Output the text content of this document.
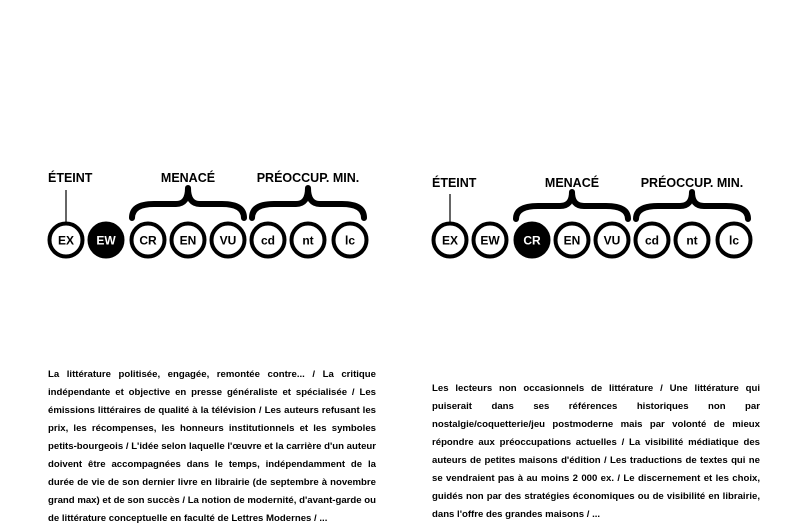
ÉTEINT	MENACÉ	PRÉOCCUP. MIN.
EX EW CR EN VU cd nt	lc
ÉTEINT	MENACÉ	PRÉOCCUP. MIN.
EX EW CR EN VU cd nt	lc
La littérature politisée, engagée, remontée contre... / La critique indépendante et objective en presse généraliste et spécialisée / Les émissions littéraires de qualité à la télévision / Les auteurs refusant les prix, les récompenses, les honneurs institutionnels et les symboles petits-bourgeois / L'idée selon laquelle l'œuvre et la carrière d'un auteur doivent être accompagnées dans le temps, indépendamment de la durée de vie de son dernier livre en librairie (de septembre à novembre grand max) et de son succès / La notion de modernité, d'avant-garde ou de littérature conceptuelle en faculté de Lettres Modernes / ...
Les lecteurs non occasionnels de littérature / Une littérature qui puiserait dans ses références historiques non par nostalgie/coquetterie/jeu postmoderne mais par volonté de mieux répondre aux préoccupations actuelles / La visibilité médiatique des auteurs de petites maisons d'édition / Les traductions de textes qui ne se vendraient pas à au moins 2 000 ex. / Le discernement et les choix, guidés non par des stratégies économiques ou de visibilité en librairie, dans l'offre des grandes maisons / ...
